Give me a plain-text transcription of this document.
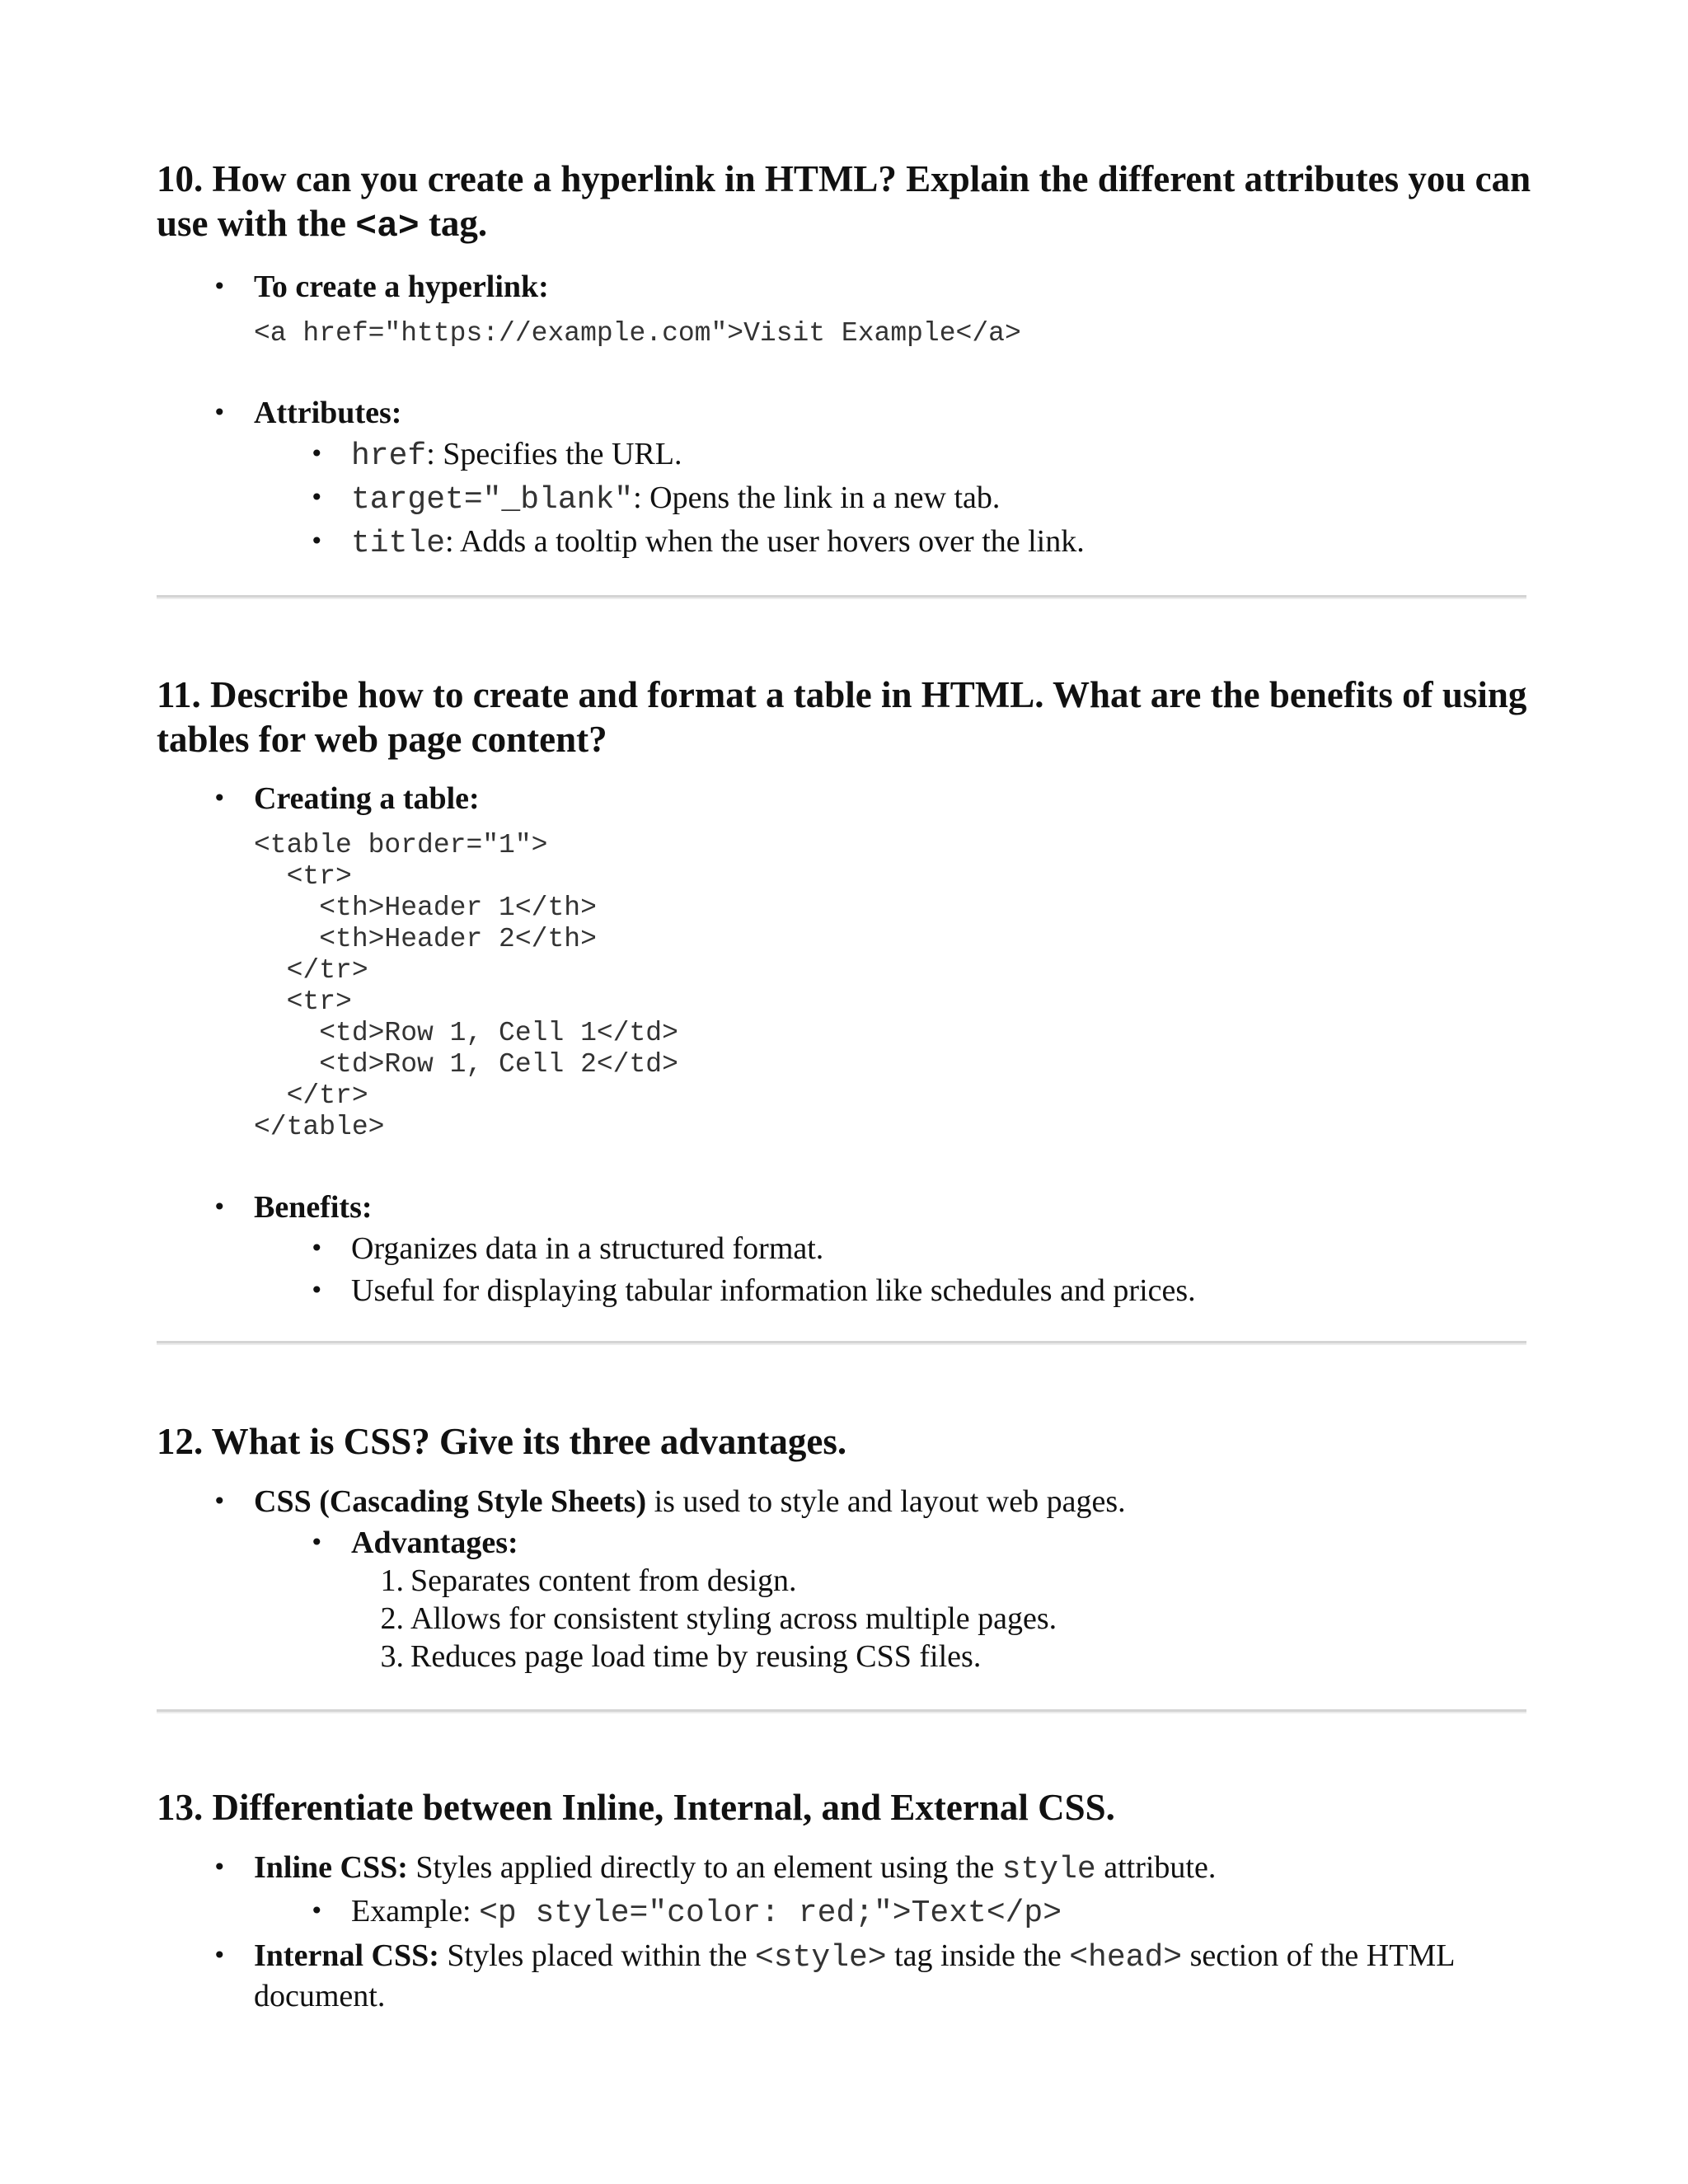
10. How can you create a hyperlink in HTML? Explain the different attributes you can use with the <a> tag.

• To create a hyperlink:

<a href="https://example.com">Visit Example</a>

• Attributes:

• href: Specifies the URL.

• target="_blank": Opens the link in a new tab.

• title: Adds a tooltip when the user hovers over the link.

11. Describe how to create and format a table in HTML. What are the benefits of using tables for web page content?

• Creating a table:

<table border="1">
<tr>
<th>Header 1</th>
<th>Header 2</th>
</tr>
<tr>
<td>Row 1, Cell 1</td>
<td>Row 1, Cell 2</td>
</tr>
</table>

• Benefits:

• Organizes data in a structured format.

• Useful for displaying tabular information like schedules and prices.

12. What is CSS? Give its three advantages.

• CSS (Cascading Style Sheets) is used to style and layout web pages.

• Advantages:

1. Separates content from design.

2. Allows for consistent styling across multiple pages.

3. Reduces page load time by reusing CSS files.

13. Differentiate between Inline, Internal, and External CSS.

• Inline CSS: Styles applied directly to an element using the style attribute.

• Example: <p style="color: red;">Text</p>

• Internal CSS: Styles placed within the <style> tag inside the <head> section of the HTML document.
